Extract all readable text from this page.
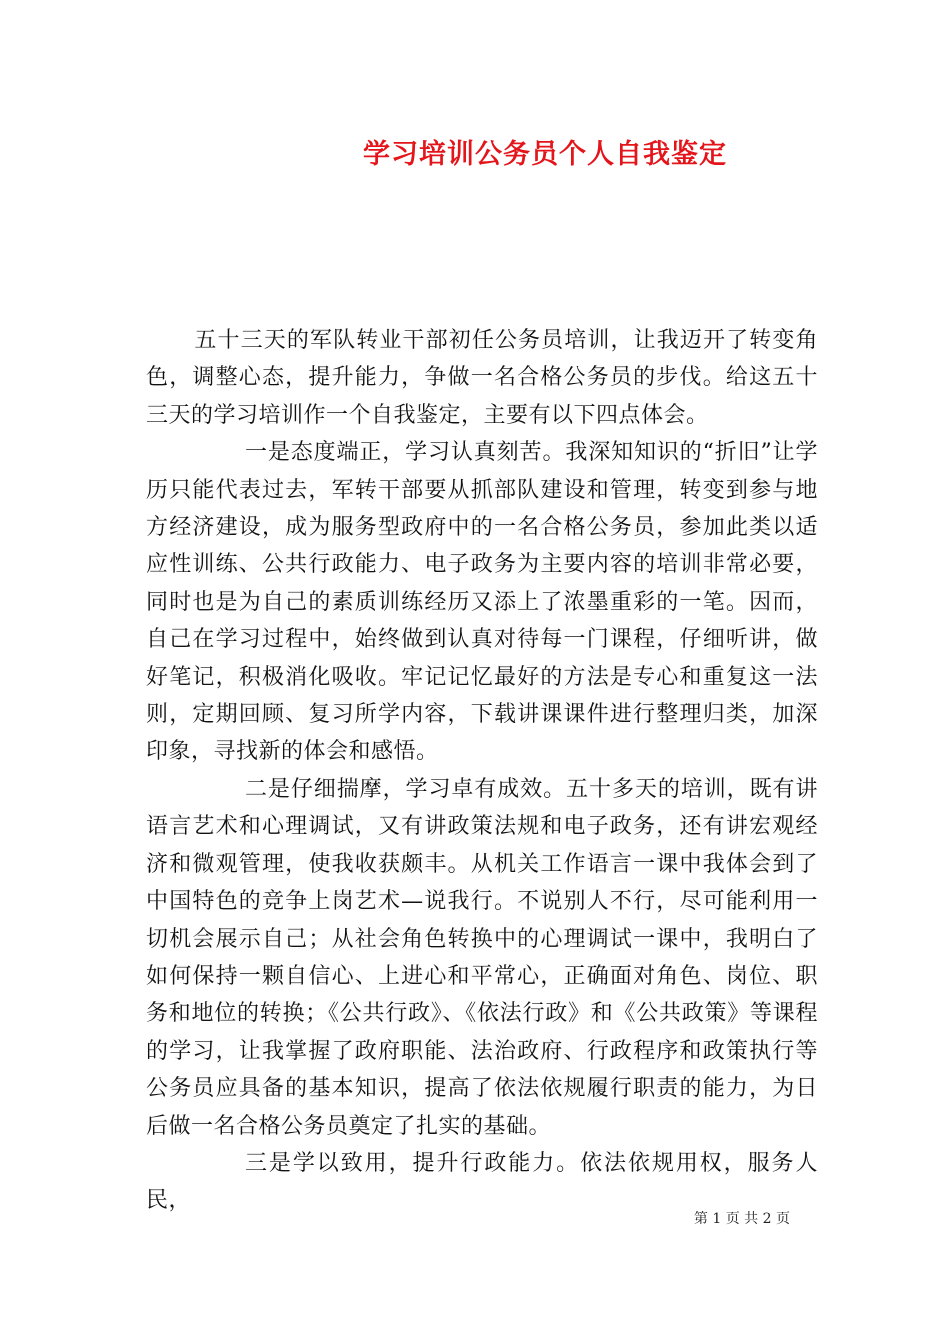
学习培训公务员个人自我鉴定

五十三天的军队转业干部初任公务员培训，让我迈开了转变角色，调整心态，提升能力，争做一名合格公务员的步伐。给这五十三天的学习培训作一个自我鉴定，主要有以下四点体会。

一是态度端正，学习认真刻苦。我深知知识的“折旧”让学历只能代表过去，军转干部要从抓部队建设和管理，转变到参与地方经济建设，成为服务型政府中的一名合格公务员，参加此类以适应性训练、公共行政能力、电子政务为主要内容的培训非常必要，同时也是为自己的素质训练经历又添上了浓墨重彩的一笔。因而，自己在学习过程中，始终做到认真对待每一门课程，仔细听讲，做好笔记，积极消化吸收。牢记记忆最好的方法是专心和重复这一法则，定期回顾、复习所学内容，下载讲课课件进行整理归类，加深印象，寻找新的体会和感悟。

二是仔细揣摩，学习卓有成效。五十多天的培训，既有讲语言艺术和心理调试，又有讲政策法规和电子政务，还有讲宏观经济和微观管理，使我收获颇丰。从机关工作语言一课中我体会到了中国特色的竞争上岗艺术—说我行。不说别人不行，尽可能利用一切机会展示自己；从社会角色转换中的心理调试一课中，我明白了如何保持一颗自信心、上进心和平常心，正确面对角色、岗位、职务和地位的转换；《公共行政》、《依法行政》和《公共政策》等课程的学习，让我掌握了政府职能、法治政府、行政程序和政策执行等公务员应具备的基本知识，提高了依法依规履行职责的能力，为日后做一名合格公务员奠定了扎实的基础。

三是学以致用，提升行政能力。依法依规用权，服务人民，

第 1 页 共 2 页
